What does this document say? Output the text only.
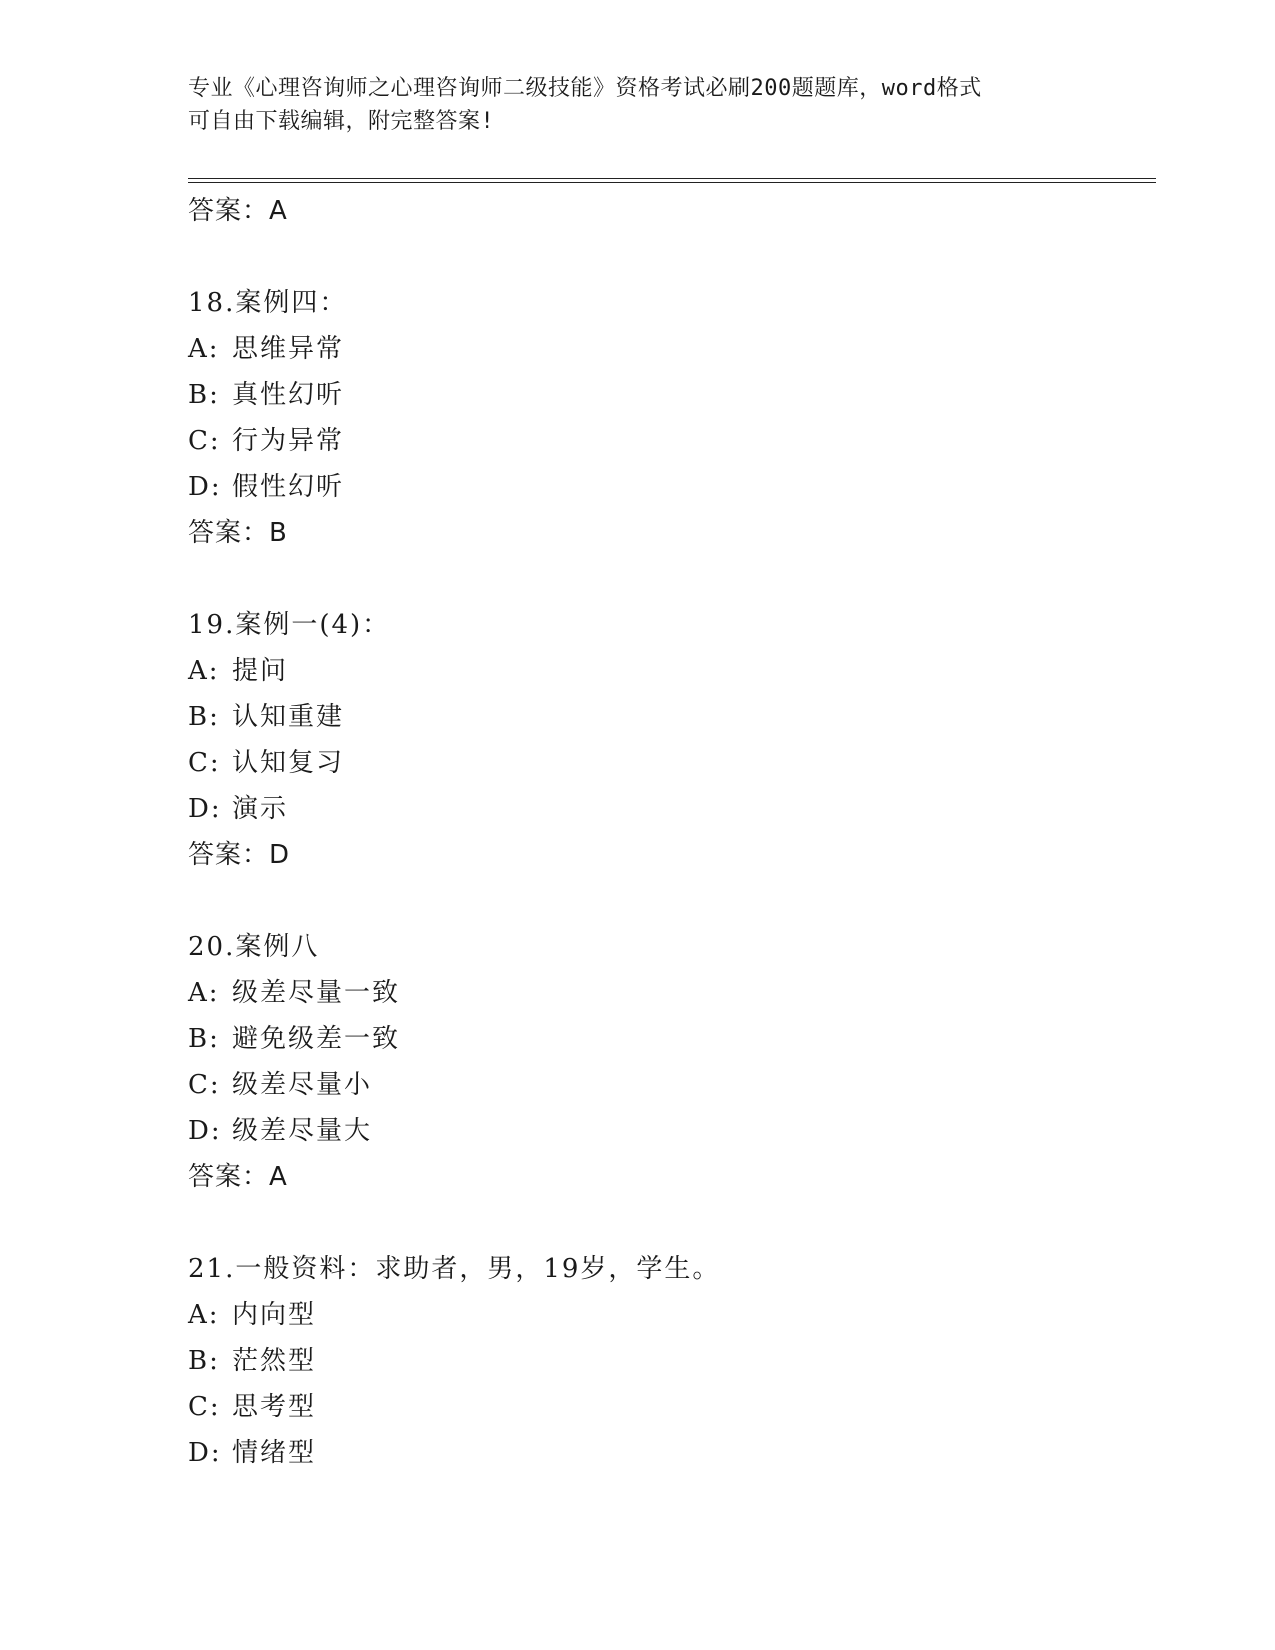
专业《心理咨询师之心理咨询师二级技能》资格考试必刷200题题库，word格式
可自由下载编辑，附完整答案!
答案：A
18.案例四：
A: 思维异常
B: 真性幻听
C: 行为异常
D: 假性幻听
答案：B
19.案例一(4)：
A: 提问
B: 认知重建
C: 认知复习
D: 演示
答案：D
20.案例八
A: 级差尽量一致
B: 避免级差一致
C: 级差尽量小
D: 级差尽量大
答案：A
21.一般资料：求助者，男，19岁，学生。
A: 内向型
B: 茫然型
C: 思考型
D: 情绪型
